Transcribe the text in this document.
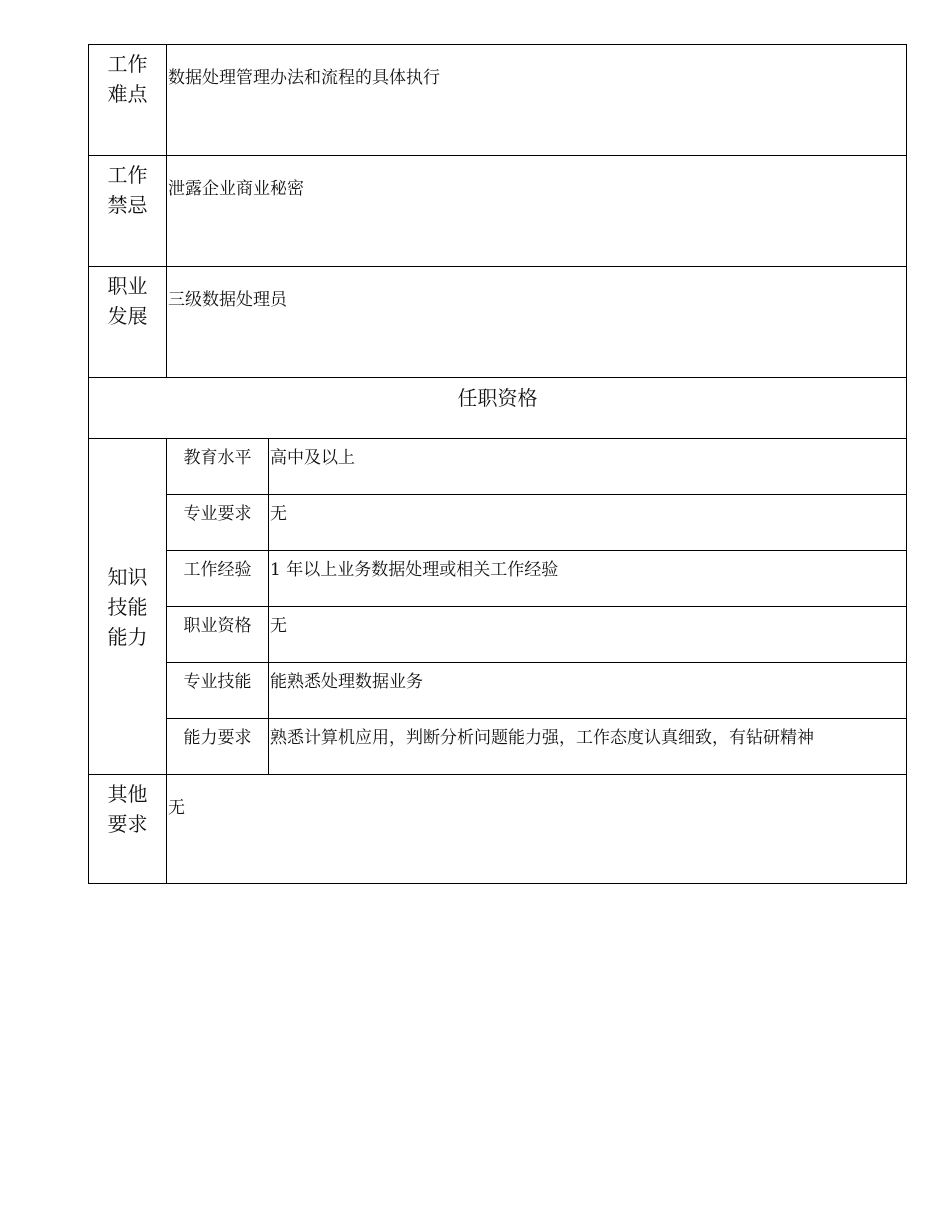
工作
难点	数据处理管理办法和流程的具体执行	

工作
禁忌	泄露企业商业秘密	

职业
发展	三级数据处理员	
任职资格		

知识
技能
能力	教育水平	高中及以上
	专业要求	无
	工作经验	1 年以上业务数据处理或相关工作经验
	职业资格	无
	专业技能	能熟悉处理数据业务
	能力要求	熟悉计算机应用，判断分析问题能力强，工作态度认真细致，有钻研精神

其他
要求	无	
